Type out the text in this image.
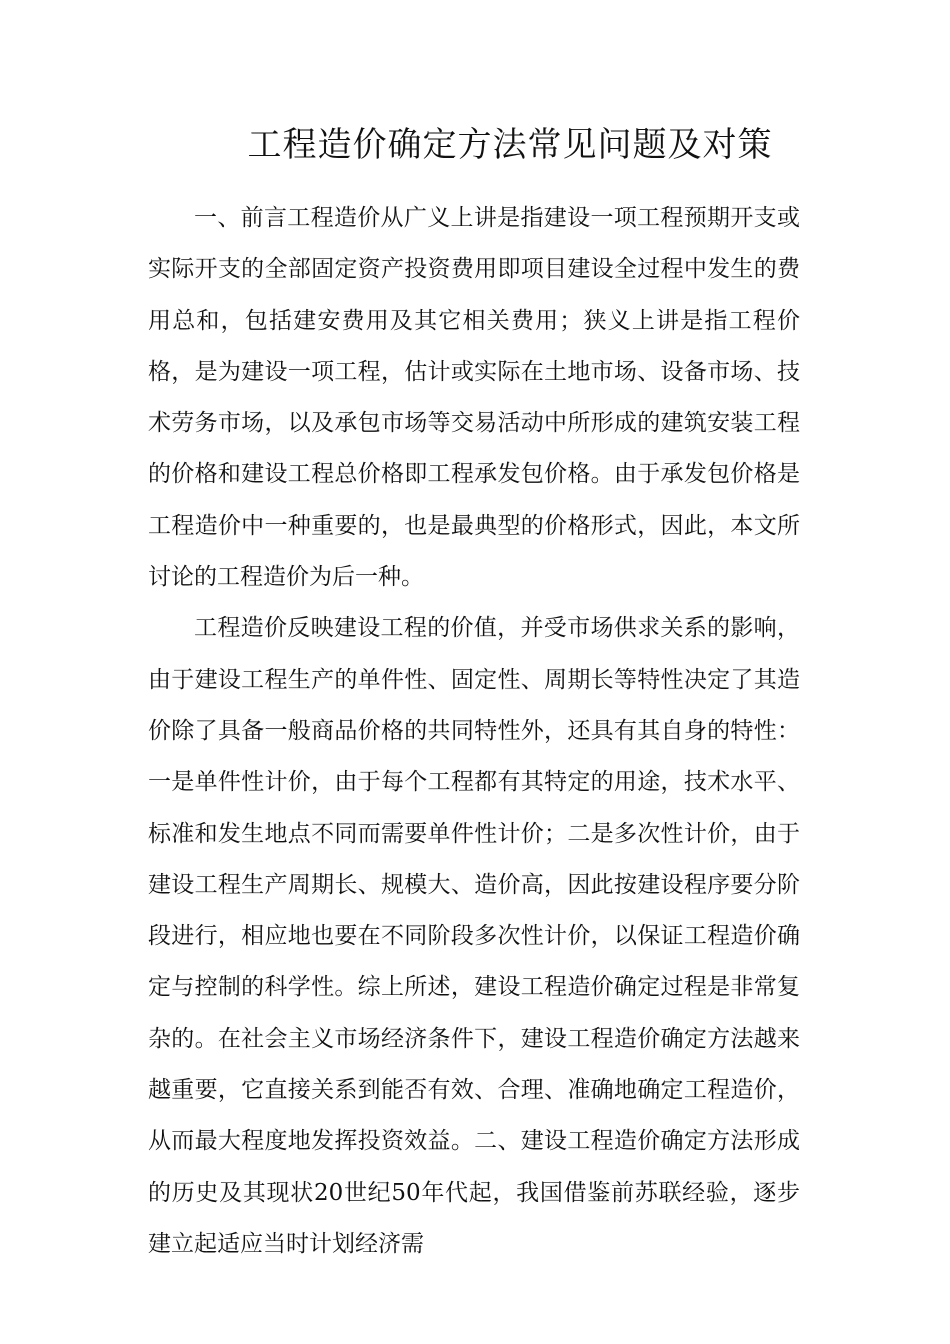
工程造价确定方法常见问题及对策

一、前言工程造价从广义上讲是指建设一项工程预期开支或实际开支的全部固定资产投资费用即项目建设全过程中发生的费用总和，包括建安费用及其它相关费用；狭义上讲是指工程价格，是为建设一项工程，估计或实际在土地市场、设备市场、技术劳务市场，以及承包市场等交易活动中所形成的建筑安装工程的价格和建设工程总价格即工程承发包价格。由于承发包价格是工程造价中一种重要的，也是最典型的价格形式，因此，本文所讨论的工程造价为后一种。

工程造价反映建设工程的价值，并受市场供求关系的影响，由于建设工程生产的单件性、固定性、周期长等特性决定了其造价除了具备一般商品价格的共同特性外，还具有其自身的特性：一是单件性计价，由于每个工程都有其特定的用途，技术水平、标准和发生地点不同而需要单件性计价；二是多次性计价，由于建设工程生产周期长、规模大、造价高，因此按建设程序要分阶段进行，相应地也要在不同阶段多次性计价，以保证工程造价确定与控制的科学性。综上所述，建设工程造价确定过程是非常复杂的。在社会主义市场经济条件下，建设工程造价确定方法越来越重要，它直接关系到能否有效、合理、准确地确定工程造价，从而最大程度地发挥投资效益。二、建设工程造价确定方法形成的历史及其现状20世纪50年代起，我国借鉴前苏联经验，逐步建立起适应当时计划经济需
